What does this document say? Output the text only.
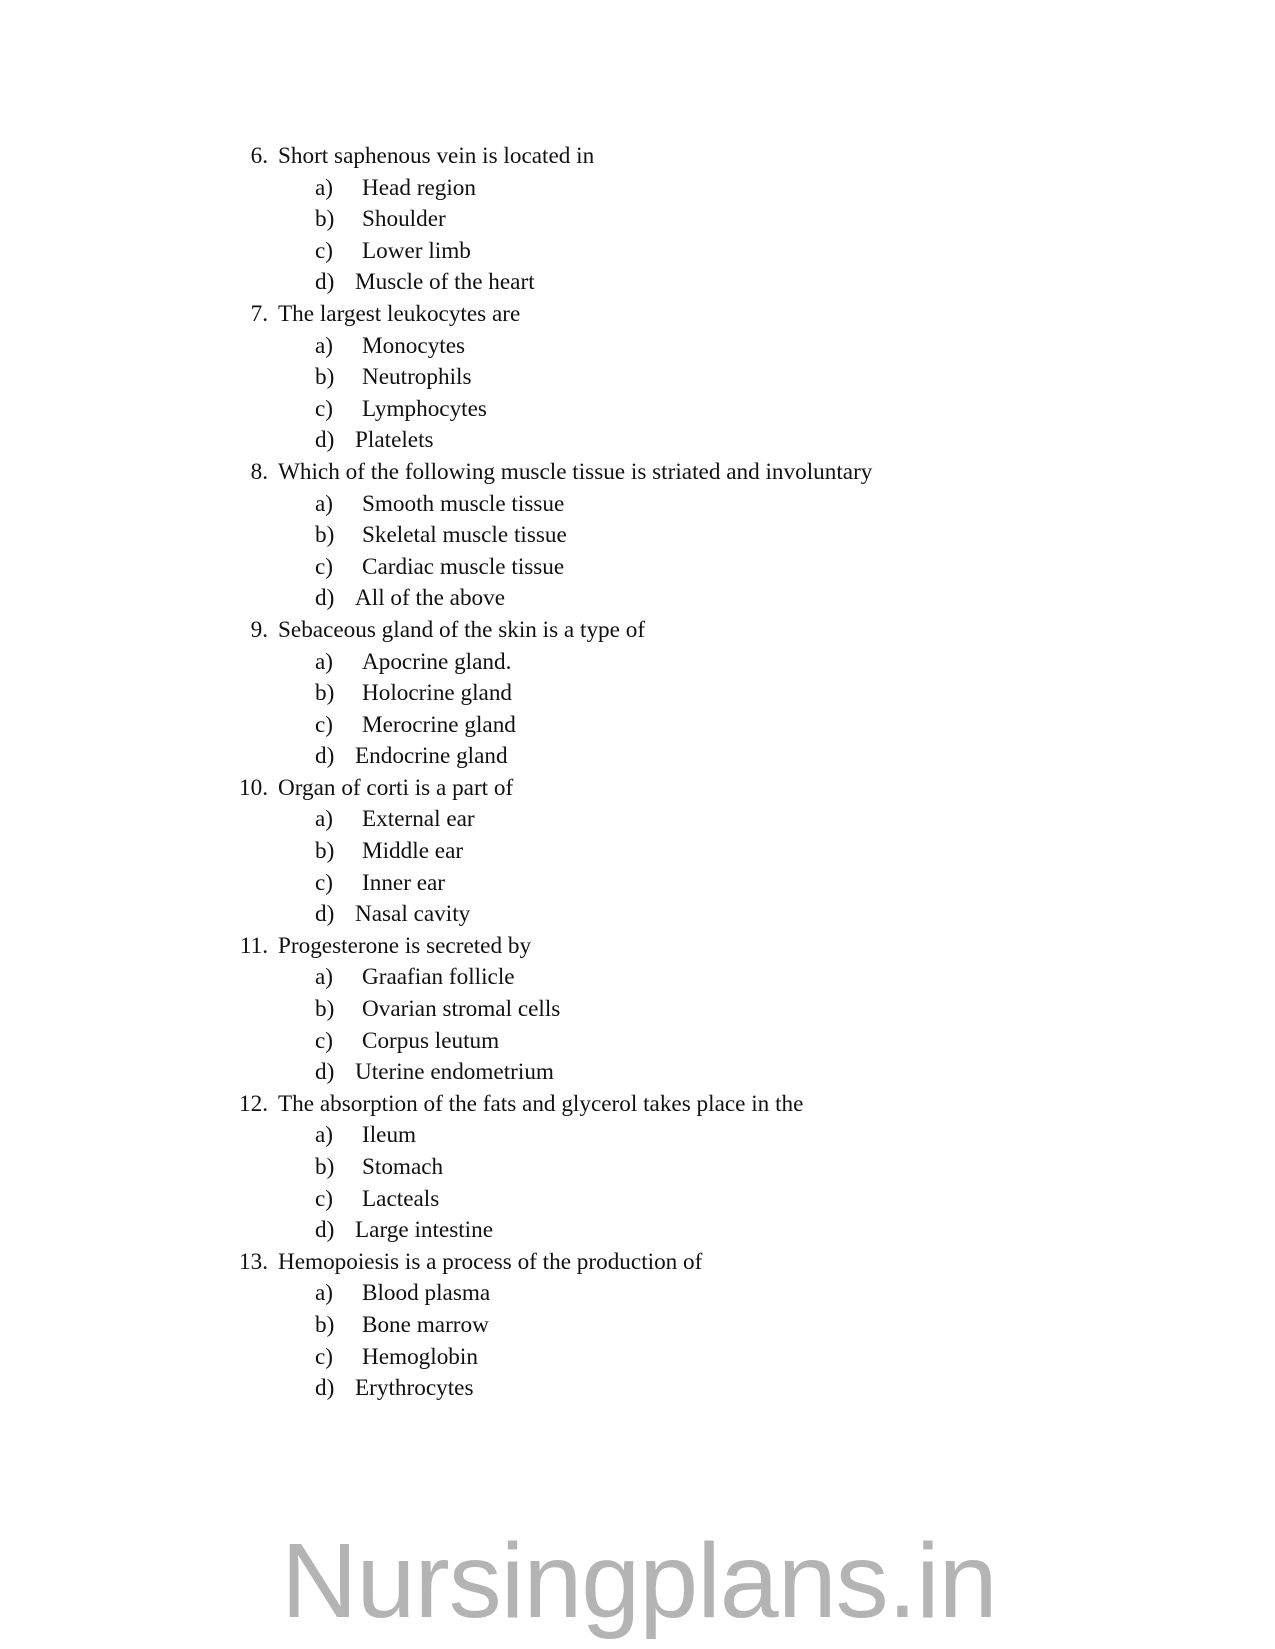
6. Short saphenous vein is located in
a)	Head region
b)	Shoulder
c)	Lower limb
d) Muscle of the heart
7. The largest leukocytes are
a)	Monocytes
b)	Neutrophils
c)	Lymphocytes
d) Platelets
8. Which of the following muscle tissue is striated and involuntary
a)	Smooth muscle tissue
b)	Skeletal muscle tissue
c)	Cardiac muscle tissue
d) All of the above
9. Sebaceous gland of the skin is a type of
a)	Apocrine gland.
b)	Holocrine gland
c)	Merocrine gland
d) Endocrine gland
10. Organ of corti is a part of
a)	External ear
b)	Middle ear
c)	Inner ear
d) Nasal cavity
11. Progesterone is secreted by
a)	Graafian follicle
b)	Ovarian stromal cells
c)	Corpus leutum
d) Uterine endometrium
12. The absorption of the fats and glycerol takes place in the
a)	Ileum
b)	Stomach
c)	Lacteals
d) Large intestine
13. Hemopoiesis is a process of the production of
a)	Blood plasma
b)	Bone marrow
c)	Hemoglobin
d) Erythrocytes
Nursingplans.in
